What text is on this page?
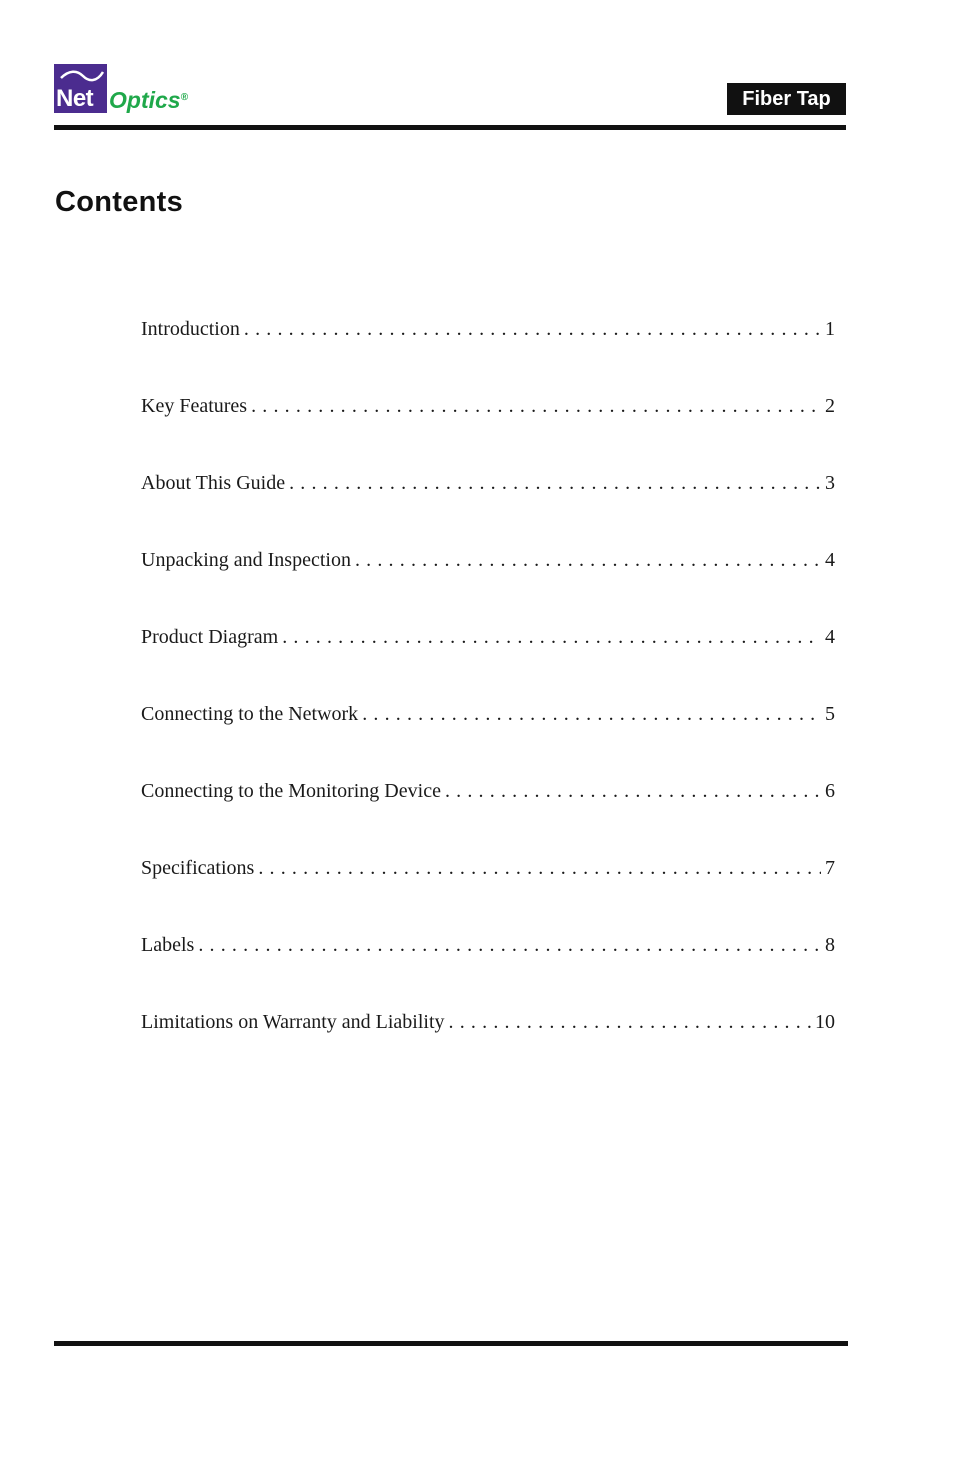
Net Optics®	Fiber Tap
Contents
Introduction . . .	1
Key Features . . .	2
About This Guide . . .	3
Unpacking and Inspection . . .	4
Product Diagram . . .	4
Connecting to the Network . . .	5
Connecting to the Monitoring Device . . .	6
Specifications . . .	7
Labels . . .	8
Limitations on Warranty and Liability . . .	10
